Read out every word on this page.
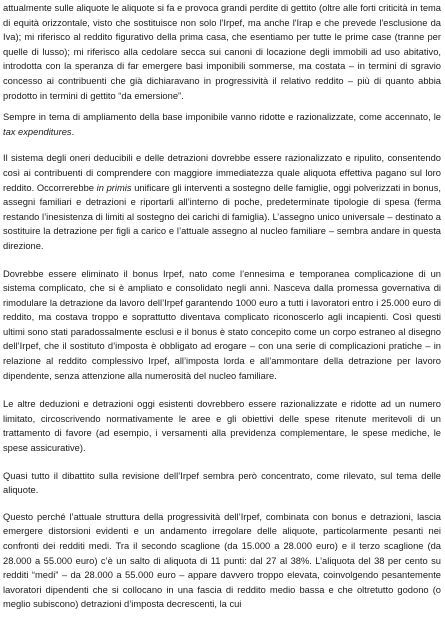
attualmente sulle aliquote le aliquote si fa e provoca grandi perdite di gettito (oltre alle forti criticità in tema di equità orizzontale, visto che sostituisce non solo l'Irpef, ma anche l'Irap e che prevede l'esclusione da Iva); mi riferisco al reddito figurativo della prima casa, che esentiamo per tutte le prime case (tranne per quelle di lusso); mi riferisco alla cedolare secca sui canoni di locazione degli immobili ad uso abitativo, introdotta con la speranza di far emergere basi imponibili sommerse, ma costata – in termini di sgravio concesso ai contribuenti che già dichiaravano in progressività il relativo reddito – più di quanto abbia prodotto in termini di gettito “da emersione”.

Sempre in tema di ampliamento della base imponibile vanno ridotte e razionalizzate, come accennato, le tax expenditures.

Il sistema degli oneri deducibili e delle detrazioni dovrebbe essere razionalizzato e ripulito, consentendo così ai contribuenti di comprendere con maggiore immediatezza quale aliquota effettiva pagano sul loro reddito. Occorrerebbe in primis unificare gli interventi a sostegno delle famiglie, oggi polverizzati in bonus, assegni familiari e detrazioni e riportarli all’interno di poche, predeterminate tipologie di spesa (ferma restando l’inesistenza di limiti al sostegno dei carichi di famiglia). L’assegno unico universale – destinato a sostituire la detrazione per figli a carico e l’attuale assegno al nucleo familiare – sembra andare in questa direzione.

Dovrebbe essere eliminato il bonus Irpef, nato come l’ennesima e temporanea complicazione di un sistema complicato, che si è ampliato e consolidato negli anni. Nasceva dalla promessa governativa di rimodulare la detrazione da lavoro dell’Irpef garantendo 1000 euro a tutti i lavoratori entro i 25.000 euro di reddito, ma costava troppo e soprattutto diventava complicato riconoscerlo agli incapienti. Così questi ultimi sono stati paradossalmente esclusi e il bonus è stato concepito come un corpo estraneo al disegno dell’Irpef, che il sostituto d’imposta è obbligato ad erogare – con una serie di complicazioni pratiche – in relazione al reddito complessivo Irpef, all’imposta lorda e all’ammontare della detrazione per lavoro dipendente, senza attenzione alla numerosità del nucleo familiare.

Le altre deduzioni e detrazioni oggi esistenti dovrebbero essere razionalizzate e ridotte ad un numero limitato, circoscrivendo normativamente le aree e gli obiettivi delle spese ritenute meritevoli di un trattamento di favore (ad esempio, i versamenti alla previdenza complementare, le spese mediche, le spese assicurative).

Quasi tutto il dibattito sulla revisione dell’Irpef sembra però concentrato, come rilevato, sul tema delle aliquote.

Questo perché l’attuale struttura della progressività dell’Irpef, combinata con bonus e detrazioni, lascia emergere distorsioni evidenti e un andamento irregolare delle aliquote, particolarmente pesanti nei confronti dei redditi medi. Tra il secondo scaglione (da 15.000 a 28.000 euro) e il terzo scaglione (da 28.000 a 55.000 euro) c’è un salto di aliquota di 11 punti: dal 27 al 38%. L’aliquota del 38 per cento su redditi “medi” – da 28.000 a 55.000 euro – appare davvero troppo elevata, coinvolgendo pesantemente lavoratori dipendenti che si collocano in una fascia di reddito medio bassa e che oltretutto godono (o meglio subiscono) detrazioni d’imposta decrescenti, la cui
